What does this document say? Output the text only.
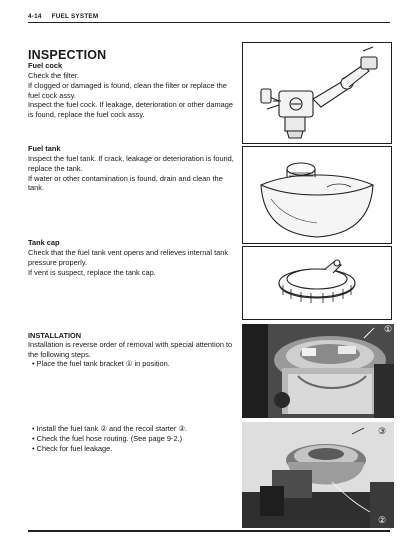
4-14 FUEL SYSTEM
INSPECTION
Fuel cock

Check the filter.

If clogged or damaged is found, clean the filter or replace the

fuel cock assy.

Inspect the fuel cock. If leakage, deterioration or other damage

is found, replace the fuel cock assy.

Fuel tank

Inspect the fuel tank. If crack, leakage or deterioration is found,

replace the tank.

If water or other contamination is found, drain and clean the

tank.

Tank cap

Check that the fuel tank vent opens and relieves internal tank

pressure properly.

If vent is suspect, replace the tank cap.

INSTALLATION

Installation is reverse order of removal with special attention to

the following steps.

• Place the fuel tank bracket ① in position.
• Install the fuel tank ② and the recoil starter ③.
• Check the fuel hose routing. (See page 9-2.)
• Check for fuel leakage.
①
③
②
